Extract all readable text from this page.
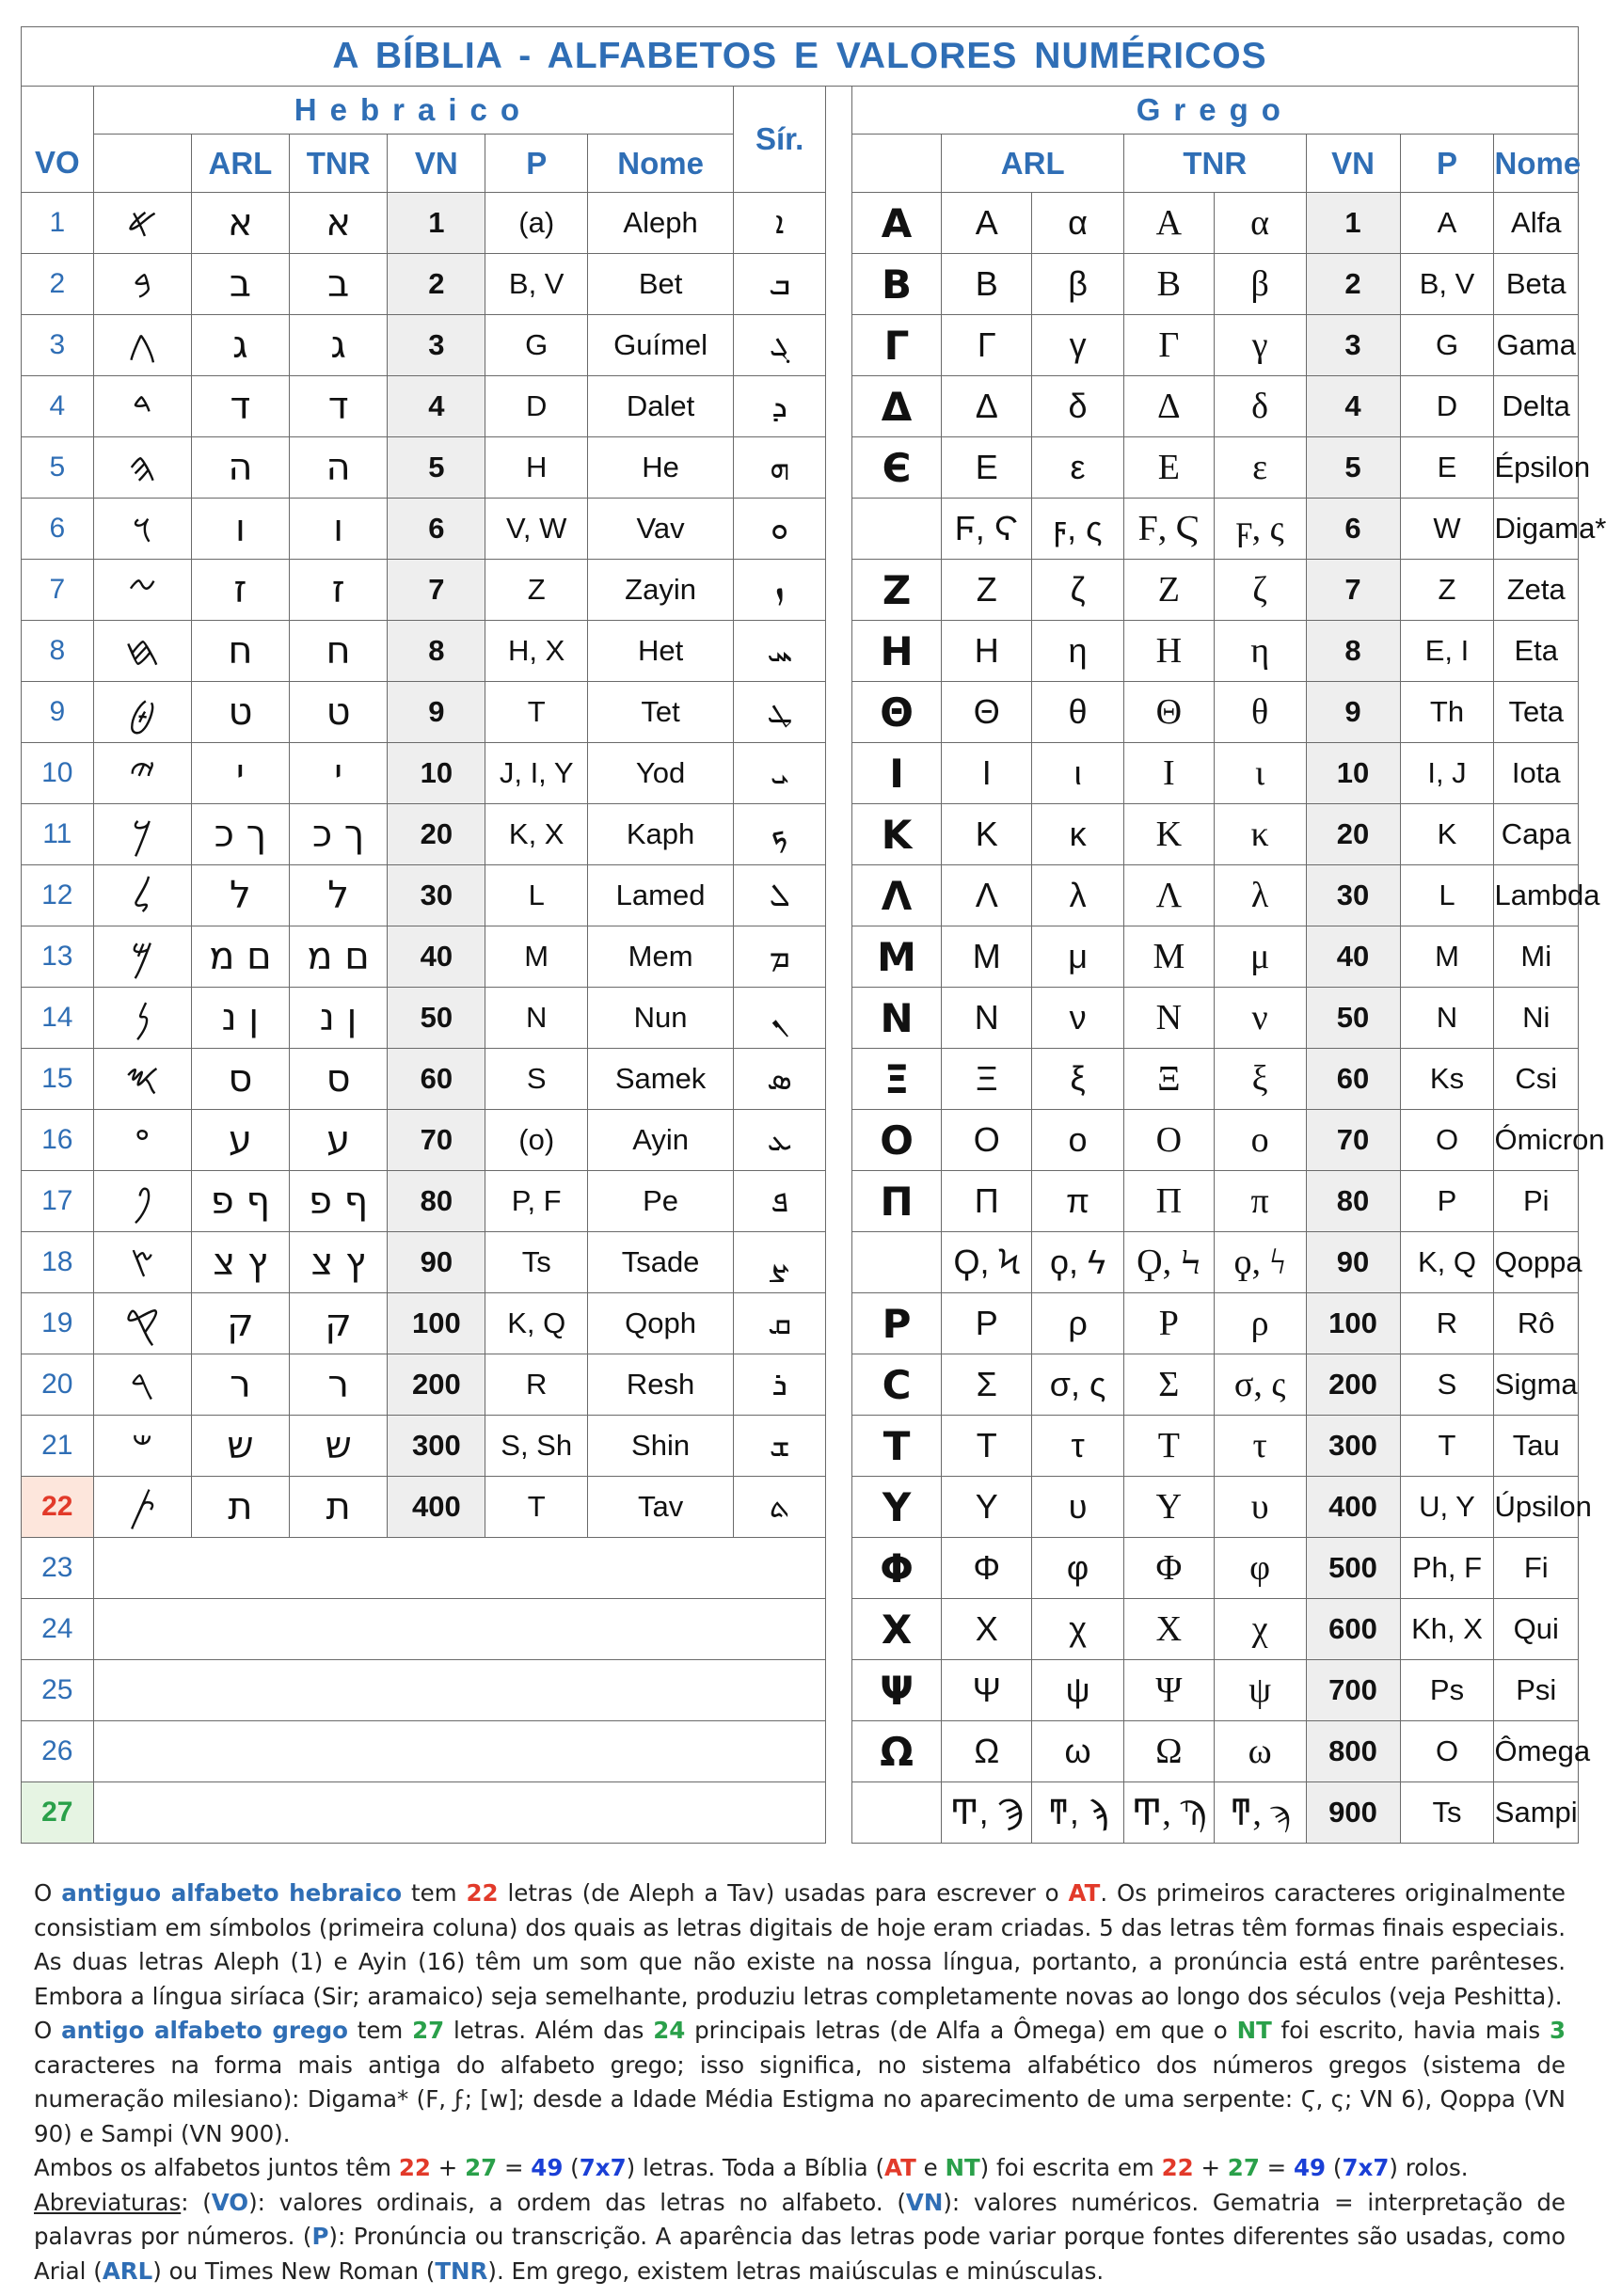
A BÍBLIA - ALFABETOS E VALORES NUMÉRICOS																
VO	Hebraico						Sír.		Grego							
		ARL	TNR	VN	P	Nome				ARL		TNR		VN	P	Nome
1	𐤀	א	א	1	(a)	Aleph	ܐ		Α	Α	α	Α	α	1	A	Alfa
2	𐤁	ב	ב	2	B, V	Bet	ܒ		Β	Β	β	Β	β	2	B, V	Beta
3	𐤂	ג	ג	3	G	Guímel	ܓ		Γ	Γ	γ	Γ	γ	3	G	Gama
4	𐤃	ד	ד	4	D	Dalet	ܕ		Δ	Δ	δ	Δ	δ	4	D	Delta
5	𐤄	ה	ה	5	H	He	ܗ		Є	Ε	ε	Ε	ε	5	E	Épsilon
6	𐤅	ו	ו	6	V, W	Vav	ܘ			Ϝ, Ϛ	ϝ, ς	Ϝ, Ϛ	ϝ, ς	6	W	Digama*
7	𐤆	ז	ז	7	Z	Zayin	ܙ		Ζ	Ζ	ζ	Ζ	ζ	7	Z	Zeta
8	𐤇	ח	ח	8	H, X	Het	ܚ		Η	Η	η	Η	η	8	E, I	Eta
9	𐤈	ט	ט	9	T	Tet	ܛ		Θ	Θ	θ	Θ	θ	9	Th	Teta
10	𐤉	י	י	10	J, I, Y	Yod	ܝ		Ι	Ι	ι	Ι	ι	10	I, J	Iota
11	𐤊	ך כ	ך כ	20	K, X	Kaph	ܟ		Κ	Κ	κ	Κ	κ	20	K	Capa
12	𐤋	ל	ל	30	L	Lamed	ܠ		Λ	Λ	λ	Λ	λ	30	L	Lambda
13	𐤌	ם מ	ם מ	40	M	Mem	ܡ		Μ	Μ	μ	Μ	μ	40	M	Mi
14	𐤍	ן נ	ן נ	50	N	Nun	ܢ		Ν	Ν	ν	Ν	ν	50	N	Ni
15	𐤎	ס	ס	60	S	Samek	ܣ		Ξ	Ξ	ξ	Ξ	ξ	60	Ks	Csi
16	𐤏	ע	ע	70	(o)	Ayin	ܥ		Ο	Ο	ο	Ο	ο	70	O	Ómicron
17	𐤐	ף פ	ף פ	80	P, F	Pe	ܦ		Π	Π	π	Π	π	80	P	Pi
18	𐤑	ץ צ	ץ צ	90	Ts	Tsade	ܨ			Ϙ, Ϟ	ϙ, ϟ	Ϙ, Ϟ	ϙ, ϟ	90	K, Q	Qoppa
19	𐤒	ק	ק	100	K, Q	Qoph	ܩ		Ρ	Ρ	ρ	Ρ	ρ	100	R	Rô
20	𐤓	ר	ר	200	R	Resh	ܪ		C	Σ	σ, ς	Σ	σ, ς	200	S	Sigma
21	𐤔	ש	ש	300	S, Sh	Shin	ܫ		Τ	Τ	τ	Τ	τ	300	T	Tau
22	𐤕	ת	ת	400	T	Tav	ܬ		Υ	Υ	υ	Υ	υ	400	U, Y	Úpsilon
23									Φ	Φ	φ	Φ	φ	500	Ph, F	Fi
24									Χ	Χ	χ	Χ	χ	600	Kh, X	Qui
25									Ψ	Ψ	ψ	Ψ	ψ	700	Ps	Psi
26									Ω	Ω	ω	Ω	ω	800	O	Ômega
27										Ͳ, Ϡ	ͳ, ϡ	Ͳ, Ϡ	ͳ, ϡ	900	Ts	Sampi

O antiguo alfabeto hebraico tem 22 letras (de Aleph a Tav) usadas para escrever o AT. Os primeiros caracteres originalmente consistiam em símbolos (primeira coluna) dos quais as letras digitais de hoje eram criadas. 5 das letras têm formas finais especiais. As duas letras Aleph (1) e Ayin (16) têm um som que não existe na nossa língua, portanto, a pronúncia está entre parênteses. Embora a língua siríaca (Sir; aramaico) seja semelhante, produziu letras completamente novas ao longo dos séculos (veja Peshitta).

O antigo alfabeto grego tem 27 letras. Além das 24 principais letras (de Alfa a Ômega) em que o NT foi escrito, havia mais 3 caracteres na forma mais antiga do alfabeto grego; isso significa, no sistema alfabético dos números gregos (sistema de numeração milesiano): Digama* (Ϝ, ϝ; [w]; desde a Idade Média Estigma no aparecimento de uma serpente: Ϛ, ς; VN 6), Qoppa (VN 90) e Sampi (VN 900).

Ambos os alfabetos juntos têm 22 + 27 = 49 (7x7) letras. Toda a Bíblia (AT e NT) foi escrita em 22 + 27 = 49 (7x7) rolos.

Abreviaturas: (VO): valores ordinais, a ordem das letras no alfabeto. (VN): valores numéricos. Gematria = interpretação de palavras por números. (P): Pronúncia ou transcrição. A aparência das letras pode variar porque fontes diferentes são usadas, como Arial (ARL) ou Times New Roman (TNR). Em grego, existem letras maiúsculas e minúsculas.
